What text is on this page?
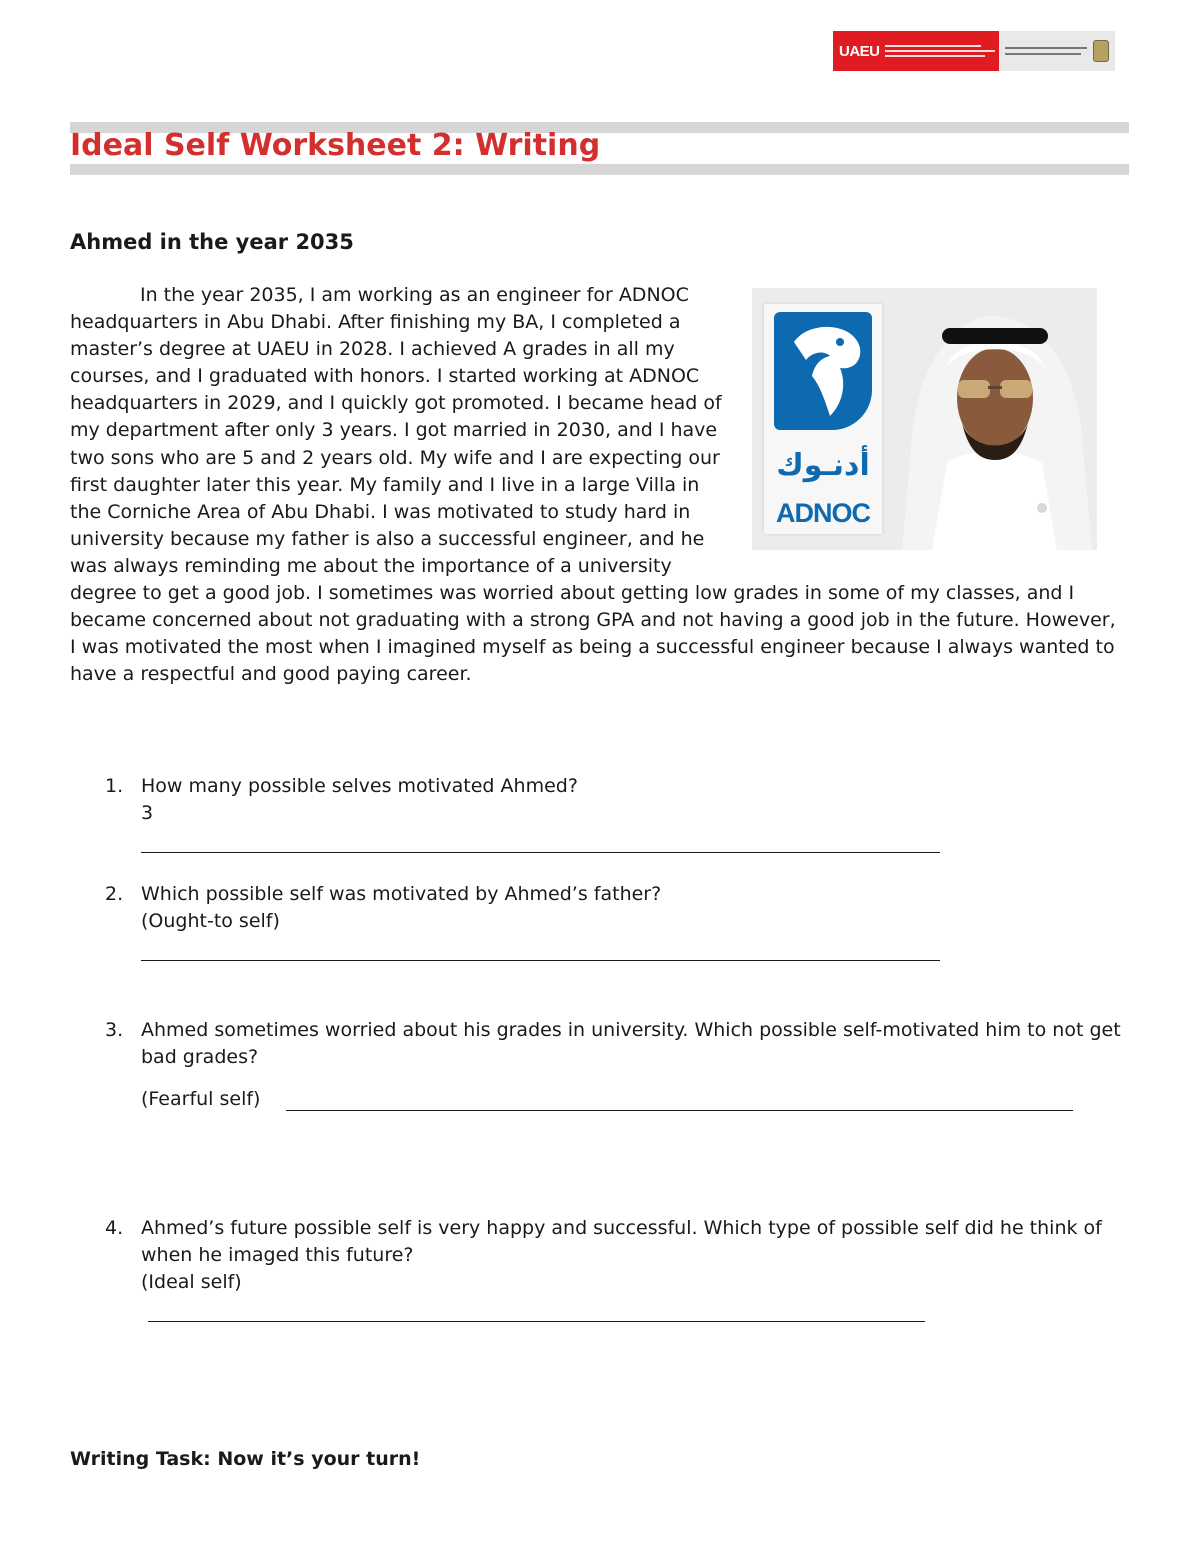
UAEU
Ideal Self Worksheet 2: Writing
Ahmed in the year 2035
أدنـوك
ADNOC
In the year 2035, I am working as an engineer for ADNOC headquarters in Abu Dhabi. After finishing my BA, I completed a master’s degree at UAEU in 2028. I achieved A grades in all my courses, and I graduated with honors. I started working at ADNOC headquarters in 2029, and I quickly got promoted. I became head of my department after only 3 years. I got married in 2030, and I have two sons who are 5 and 2 years old. My wife and I are expecting our first daughter later this year. My family and I live in a large Villa in the Corniche Area of Abu Dhabi. I was motivated to study hard in university because my father is also a successful engineer, and he was always reminding me about the importance of a university degree to get a good job. I sometimes was worried about getting low grades in some of my classes, and I became concerned about not graduating with a strong GPA and not having a good job in the future. However, I was motivated the most when I imagined myself as being a successful engineer because I always wanted to have a respectful and good paying career.
1. How many possible selves motivated Ahmed?
3
2. Which possible self was motivated by Ahmed’s father?
(Ought-to self)
3. Ahmed sometimes worried about his grades in university. Which possible self-motivated him to not get bad grades?
(Fearful self)
4. Ahmed’s future possible self is very happy and successful. Which type of possible self did he think of when he imaged this future?
(Ideal self)

Writing Task: Now it’s your turn!
